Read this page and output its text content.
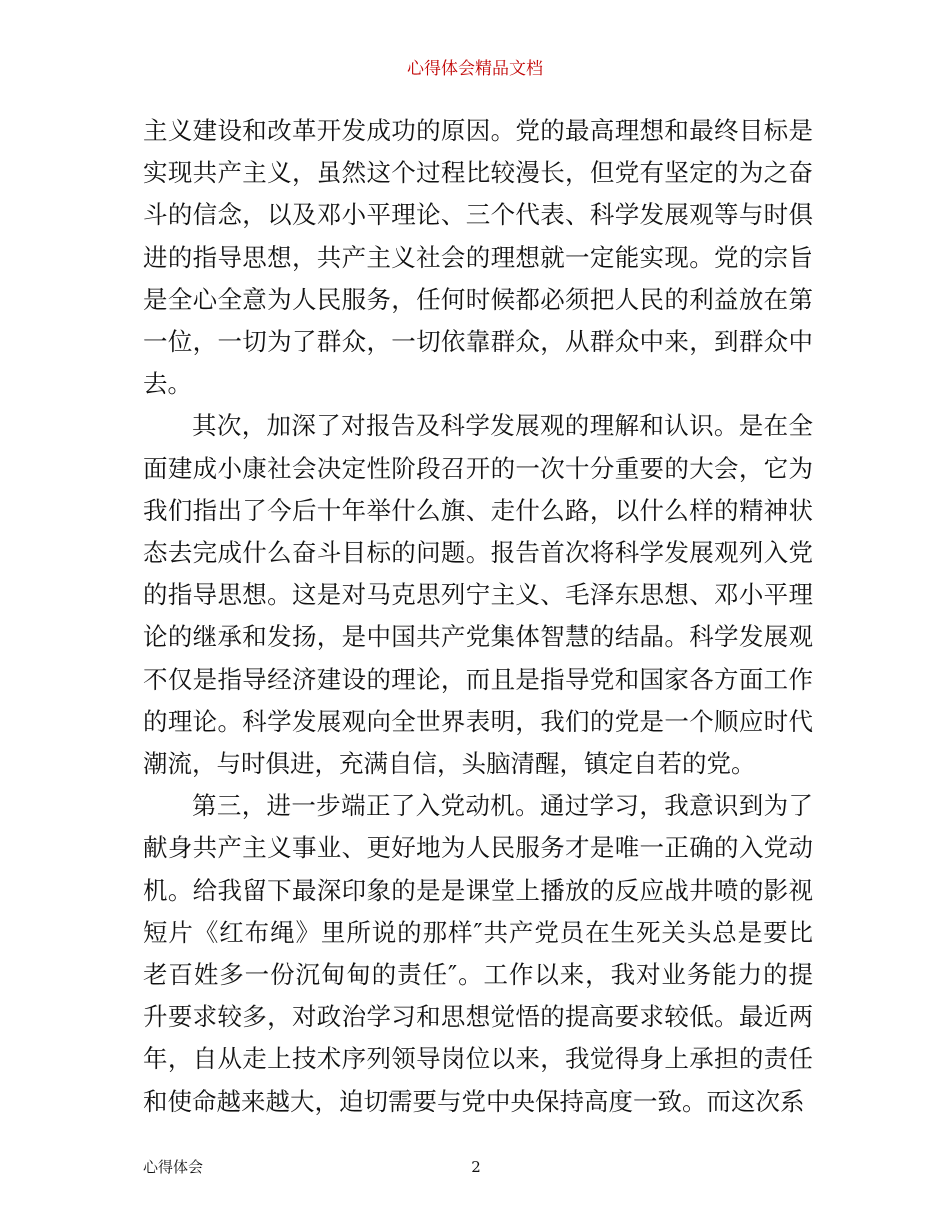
心得体会精品文档

主义建设和改革开发成功的原因。党的最高理想和最终目标是实现共产主义，虽然这个过程比较漫长，但党有坚定的为之奋斗的信念，以及邓小平理论、三个代表、科学发展观等与时俱进的指导思想，共产主义社会的理想就一定能实现。党的宗旨是全心全意为人民服务，任何时候都必须把人民的利益放在第一位，一切为了群众，一切依靠群众，从群众中来，到群众中去。

其次，加深了对报告及科学发展观的理解和认识。是在全面建成小康社会决定性阶段召开的一次十分重要的大会，它为我们指出了今后十年举什么旗、走什么路，以什么样的精神状态去完成什么奋斗目标的问题。报告首次将科学发展观列入党的指导思想。这是对马克思列宁主义、毛泽东思想、邓小平理论的继承和发扬，是中国共产党集体智慧的结晶。科学发展观不仅是指导经济建设的理论，而且是指导党和国家各方面工作的理论。科学发展观向全世界表明，我们的党是一个顺应时代潮流，与时俱进，充满自信，头脑清醒，镇定自若的党。

第三，进一步端正了入党动机。通过学习，我意识到为了献身共产主义事业、更好地为人民服务才是唯一正确的入党动机。给我留下最深印象的是是课堂上播放的反应战井喷的影视短片《红布绳》里所说的那样″共产党员在生死关头总是要比老百姓多一份沉甸甸的责任″。工作以来，我对业务能力的提升要求较多，对政治学习和思想觉悟的提高要求较低。最近两年，自从走上技术序列领导岗位以来，我觉得身上承担的责任和使命越来越大，迫切需要与党中央保持高度一致。而这次系

心得体会	2
